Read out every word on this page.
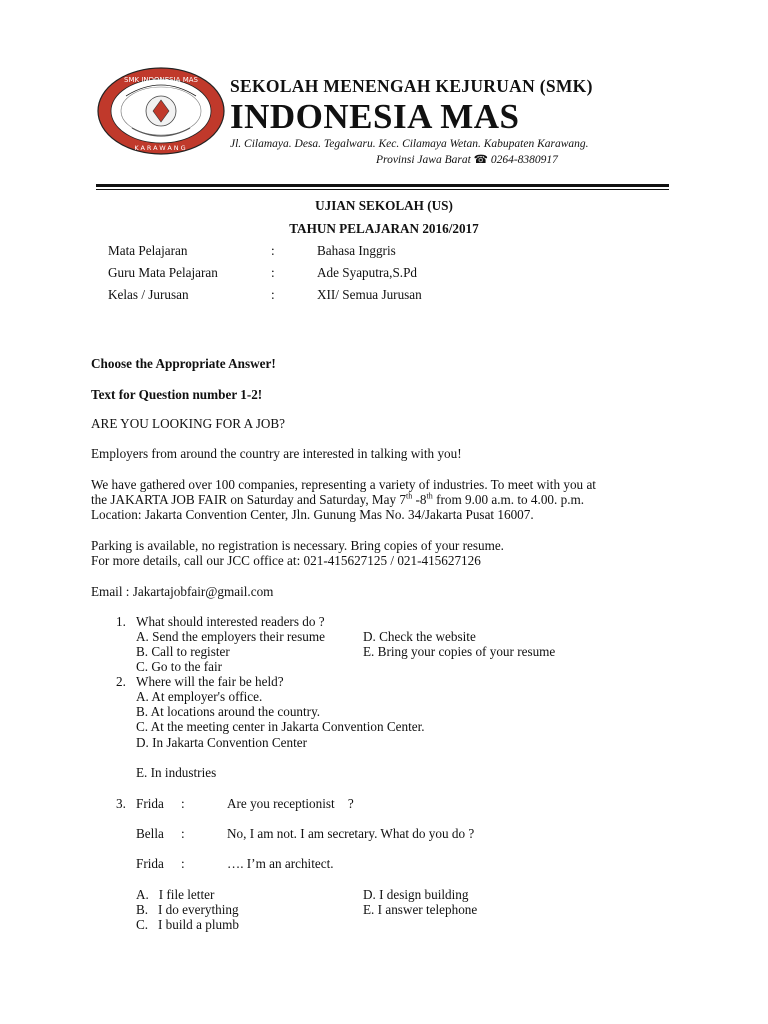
SMK INDONESIA MAS
KARAWANG
SEKOLAH MENENGAH KEJURUAN (SMK)
INDONESIA MAS
Jl. Cilamaya. Desa. Tegalwaru. Kec. Cilamaya Wetan. Kabupaten Karawang.
Provinsi Jawa Barat ☎ 0264-8380917
UJIAN SEKOLAH (US)
TAHUN PELAJARAN 2016/2017
Mata Pelajaran	:	Bahasa Inggris
Guru Mata Pelajaran	:	Ade Syaputra,S.Pd
Kelas / Jurusan	:	XII/ Semua Jurusan
Choose the Appropriate Answer!
Text for Question number 1-2!
ARE YOU LOOKING FOR A JOB?
Employers from around the country are interested in talking with you!
We have gathered over 100 companies, representing a variety of industries. To meet with you at
the JAKARTA JOB FAIR on Saturday and Saturday, May 7th -8th from 9.00 a.m. to 4.00. p.m.
Location: Jakarta Convention Center, Jln. Gunung Mas No. 34/Jakarta Pusat 16007.
Parking is available, no registration is necessary. Bring copies of your resume.
For more details, call our JCC office at: 021-415627125 / 021-415627126
Email : Jakartajobfair@gmail.com
1. What should interested readers do ?
A. Send the employers their resume	D. Check the website
B. Call to register	E. Bring your copies of your resume
C. Go to the fair
2. Where will the fair be held?
A. At employer's office.
B. At locations around the country.
C. At the meeting center in Jakarta Convention Center.
D. In Jakarta Convention Center
E. In industries
3. Frida :	Are you receptionist    ?
Bella :	No, I am not. I am secretary. What do you do ?
Frida :	…. I’m an architect.
A.   I file letter	D. I design building
B.   I do everything	E. I answer telephone
C.   I build a plumb
